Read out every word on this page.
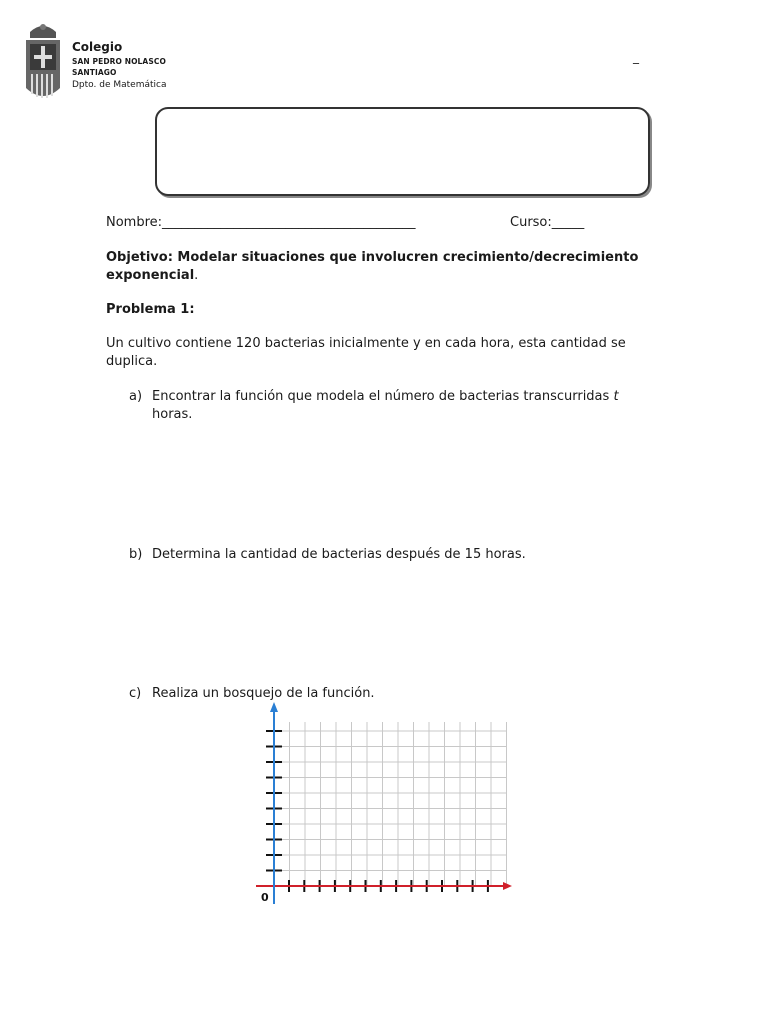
Colegio
SAN PEDRO NOLASCO
SANTIAGO
Dpto. de Matemática
_
Nombre:_______________________________________	Curso:_____
Objetivo: Modelar situaciones que involucren crecimiento/decrecimiento exponencial.
Problema 1:
Un cultivo contiene 120 bacterias inicialmente y en cada hora, esta cantidad se duplica.
a) Encontrar la función que modela el número de bacterias transcurridas t horas.
b) Determina la cantidad de bacterias después de 15 horas.
c) Realiza un bosquejo de la función.
0
